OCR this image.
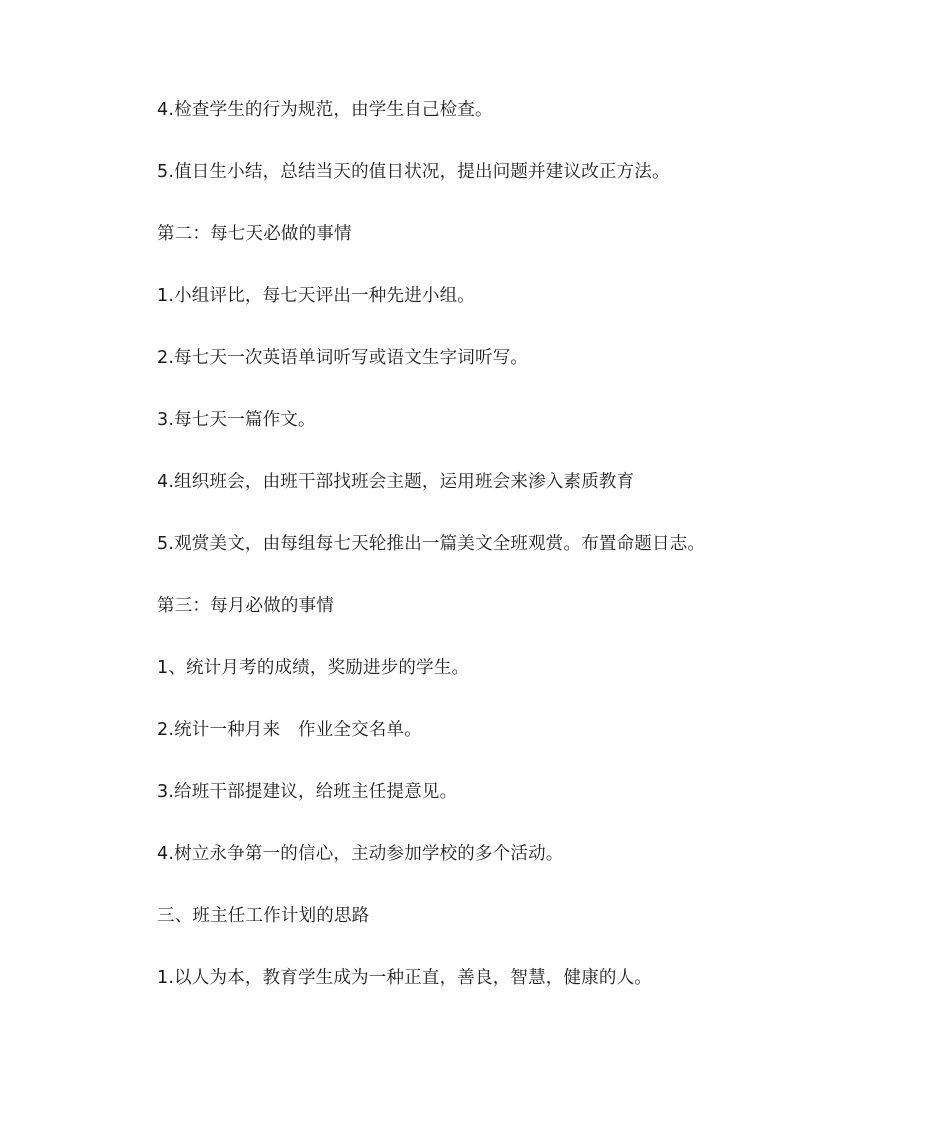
4.检查学生的行为规范，由学生自己检查。

5.值日生小结，总结当天的值日状况，提出问题并建议改正方法。

第二：每七天必做的事情

1.小组评比，每七天评出一种先进小组。

2.每七天一次英语单词听写或语文生字词听写。

3.每七天一篇作文。

4.组织班会，由班干部找班会主题，运用班会来渗入素质教育

5.观赏美文，由每组每七天轮推出一篇美文全班观赏。布置命题日志。

第三：每月必做的事情

1、统计月考的成绩，奖励进步的学生。

2.统计一种月来　作业全交名单。

3.给班干部提建议，给班主任提意见。

4.树立永争第一的信心，主动参加学校的多个活动。

三、班主任工作计划的思路

1.以人为本，教育学生成为一种正直，善良，智慧，健康的人。
